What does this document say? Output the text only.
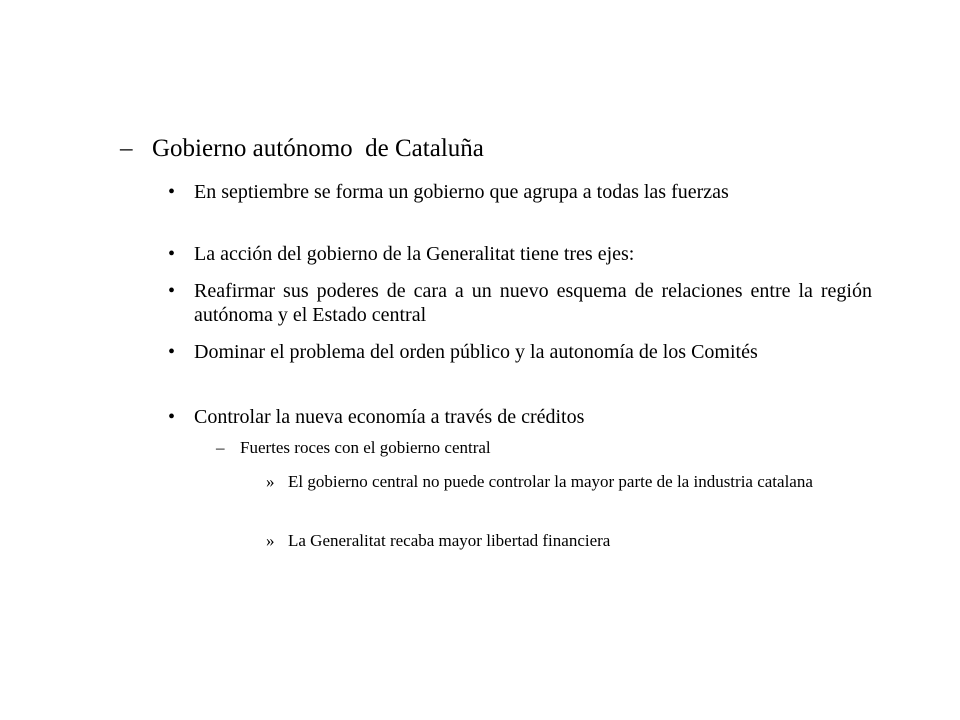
– Gobierno autónomo  de Cataluña
• En septiembre se forma un gobierno que agrupa a todas las fuerzas
• La acción del gobierno de la Generalitat tiene tres ejes:
• Reafirmar sus poderes de cara a un nuevo esquema de relaciones entre la región autónoma y el Estado central
• Dominar el problema del orden público y la autonomía de los Comités
• Controlar la nueva economía a través de créditos
– Fuertes roces con el gobierno central
» El gobierno central no puede controlar la mayor parte de la industria catalana
» La Generalitat recaba mayor libertad financiera
